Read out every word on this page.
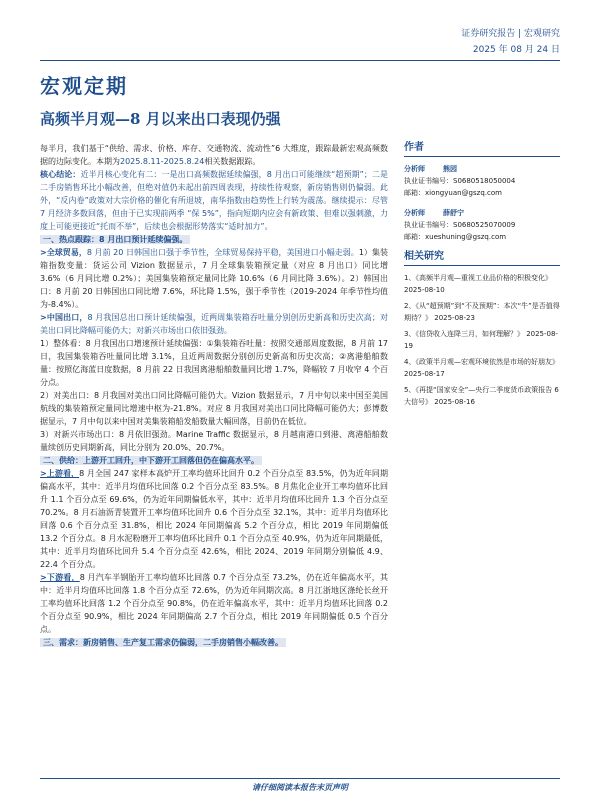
证券研究报告 | 宏观研究
2025 年 08 月 24 日
宏观定期
高频半月观—8 月以来出口表现仍强

每半月，我们基于“供给、需求、价格、库存、交通物流、流动性”6 大维度，跟踪最新宏观高频数据的边际变化。本期为2025.8.11-2025.8.24相关数据跟踪。

核心结论：近半月核心变化有二：一是出口高频数据延续偏强，8 月出口可能继续“超预期”；二是二手房销售环比小幅改善，但绝对值仍未起出前四周表现，持续性待观察，新房销售则仍偏弱。此外，“反内卷”政策对大宗价格的催化有所退坡，南华指数由趋势性上行转为震荡。继续提示：尽管 7 月经济多数回落，但由于已实现前两季 “保 5%”，指向短期内应会有新政策、但难以强刺激，力度上可能更接近“托而不举”，后续也会根据形势落实“适时加力”。

一、热点跟踪：8 月出口预计延续偏强。

>全球贸易，8 月前 20 日韩国出口强于季节性，全球贸易保持平稳，美国进口小幅走弱。1）集装箱指数变量：货运公司 Vizion 数据显示，7 月全球集装箱预定量（对应 8 月出口）同比增 3.6%（6 月同比增 0.2%）；美国集装箱预定量同比降 10.6%（6 月同比降 3.6%）。2）韩国出口：8 月前 20 日韩国出口同比增 7.6%，环比降 1.5%，强于季节性（2019-2024 年季节性均值为-8.4%）。

>中国出口，8 月我国总出口预计延续偏强，近两周集装箱吞吐量分别创历史新高和历史次高；对美出口同比降幅可能仍大；对新兴市场出口依旧强劲。

1）整体看：8 月我国出口增速预计延续偏强：①集装箱吞吐量：按照交通部周度数据，8 月前 17 日，我国集装箱吞吐量同比增 3.1%，且近两周数据分别创历史新高和历史次高；②离港船舶数量：按照亿海蓝日度数据，8 月前 22 日我国离港船舶数量同比增 1.7%，降幅较 7 月收窄 4 个百分点。

2）对美出口：8 月我国对美出口同比降幅可能仍大。Vizion 数据显示，7 月中旬以来中国至美国航线的集装箱预定量同比增速中枢为-21.8%。对应 8 月我国对美出口同比降幅可能仍大；彭博数据显示，7 月中旬以来中国对美集装箱船发船数量大幅回落，目前仍在低位。

3）对新兴市场出口：8 月依旧强劲。Marine Traffic 数据显示，8 月越南港口到港、离港船舶数量续创历史同期新高，同比分别为 20.0%、20.7%。

二、供给：上游开工回升，中下游开工回落但仍在偏高水平。

>上游看，8 月全国 247 家样本高炉开工率均值环比回升 0.2 个百分点至 83.5%，仍为近年同期偏高水平，其中：近半月均值环比回落 0.2 个百分点至 83.5%。8 月焦化企业开工率均值环比回升 1.1 个百分点至 69.6%，仍为近年同期偏低水平，其中：近半月均值环比回升 1.3 个百分点至 70.2%。8 月石油沥青装置开工率均值环比回升 0.6 个百分点至 32.1%，其中：近半月均值环比回落 0.6 个百分点至 31.8%，相比 2024 年同期偏高 5.2 个百分点，相比 2019 年同期偏低 13.2 个百分点。8 月水泥粉磨开工率均值环比回升 0.1 个百分点至 40.9%，仍为近年同期最低，其中：近半月均值环比回升 5.4 个百分点至 42.6%，相比 2024、2019 年同期分别偏低 4.9、22.4 个百分点。

>下游看，8 月汽车半钢胎开工率均值环比回落 0.7 个百分点至 73.2%，仍在近年偏高水平，其中：近半月均值环比回落 1.8 个百分点至 72.6%，仍为近年同期次高。8 月江浙地区涤纶长丝开工率均值环比回落 1.2 个百分点至 90.8%，仍在近年偏高水平，其中：近半月均值环比回落 0.2 个百分点至 90.9%，相比 2024 年同期偏高 2.7 个百分点，相比 2019 年同期偏低 0.5 个百分点。

三、需求：新房销售、生产复工需求仍偏弱，二手房销售小幅改善。

作者
分析师	熊园
执业证书编号：S0680518050004
邮箱：xiongyuan@gszq.com
分析师	薛舒宁
执业证书编号：S0680525070009
邮箱：xueshuning@gszq.com
相关研究
1、《高频半月观—重视工业品价格的积极变化》 2025-08-10
2、《从“超预期”到“不及预期”：本次“牛”是否值得期待？》 2025-08-23
3、《信贷收入连降三月，如何理解？》 2025-08-19
4、《政策半月观—宏观环境依然是市场的好朋友》 2025-08-17
5、《再提“国家安全”—央行二季度货币政策报告 6 大信号》 2025-08-16
请仔细阅读本报告末页声明
